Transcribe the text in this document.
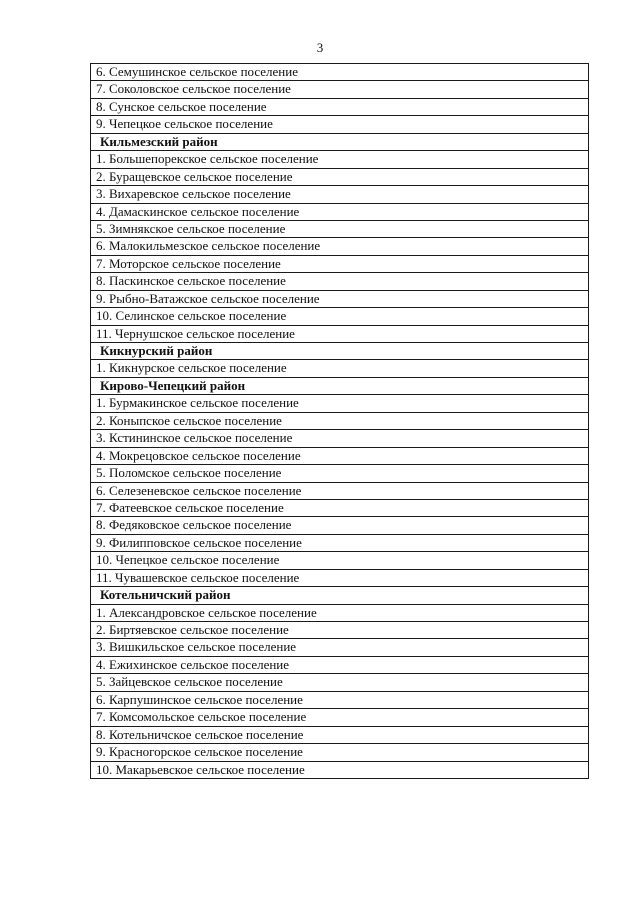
3
6. Семушинское сельское поселение
7. Соколовское сельское поселение
8. Сунское сельское поселение
9. Чепецкое сельское поселение
Кильмезский район
1. Большепорекское сельское поселение
2. Буращевское сельское поселение
3. Вихаревское сельское поселение
4. Дамаскинское сельское поселение
5. Зимнякское сельское поселение
6. Малокильмезское сельское поселение
7. Моторское сельское поселение
8. Паскинское сельское поселение
9. Рыбно-Ватажское сельское поселение
10. Селинское сельское поселение
11. Чернушское сельское поселение
Кикнурский район
1. Кикнурское сельское поселение
Кирово-Чепецкий район
1. Бурмакинское сельское поселение
2. Коныпское сельское поселение
3. Кстининское сельское поселение
4. Мокрецовское сельское поселение
5. Поломское сельское поселение
6. Селезеневское сельское поселение
7. Фатеевское сельское поселение
8. Федяковское сельское поселение
9. Филипповское сельское поселение
10. Чепецкое сельское поселение
11. Чувашевское сельское поселение
Котельничский район
1. Александровское сельское поселение
2. Биртяевское сельское поселение
3. Вишкильское сельское поселение
4. Ежихинское сельское поселение
5. Зайцевское сельское поселение
6. Карпушинское сельское поселение
7. Комсомольское сельское поселение
8. Котельничское сельское поселение
9. Красногорское сельское поселение
10. Макарьевское сельское поселение
